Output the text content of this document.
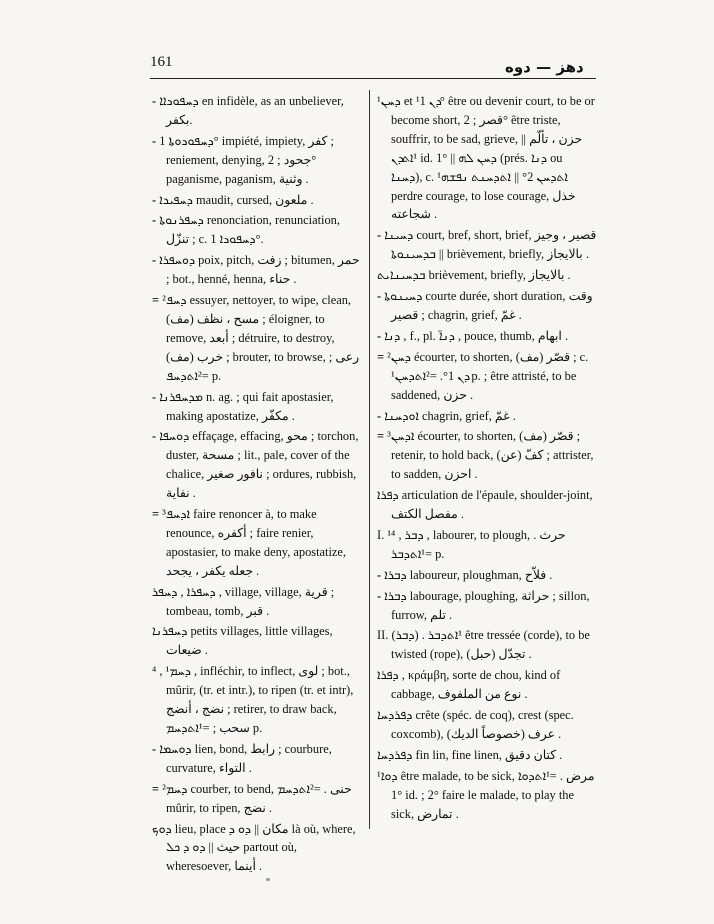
161	دهز — دوه
- ܕܚܦܘܖܐܐ en infidèle, as an unbeliever, بكفر.
- ܕܚܦܘܖܘܬܐ 1° impiété, impiety, كفر ; reniement, denying, جحود ; 2° paganisme, paganism, وثنية .
- ܕܚܦܝܖܐ maudit, cursed, ملعون .
- ܕܚܦܪܢܘܬܐ renonciation, renunciation, تنزّل ; c. ܕܚܦܘܖܐ 1°.
- ܕܘܚܦܪܐ poix, pitch, زفت ; bitumen, حمر ; bot., henné, henna, حناء .
= ܕܚܦ² essuyer, nettoyer, to wipe, clean, مسح ، نظف (مف) ; éloigner, to remove, أبعد ; détruire, to destroy, خرب (مف) ; brouter, to browse, رعى ; =²ܐܬܕܚܦ p.
- ܡܕܚܦܪܢܐ n. ag. ; qui fait apostasier, making apostatize, مكفّر .
- ܕܘܚܦܐ effaçage, effacing, محو ; torchon, duster, مسحة ; lit., pale, cover of the chalice, نافور صغير ; ordures, rubbish, نفاية .
= ܐܕܚܦ³ faire renoncer à, to make renounce, أكفره ; faire renier, apostasier, to make deny, apostatize, جعله يكفر ، يجحد .
ܕܚܦܪܐ , ܕܚܦܪ , village, village, قرية ; tombeau, tomb, قبر .
ܕܚܦܪܢܐ petits villages, little villages, ضيعات .
ܕܚܡ¹ , ⁴ , infléchir, to inflect, لوى ; bot., mûrir, (tr. et intr.), to ripen (tr. et intr), نضج ، أنضج ; retirer, to draw back, سحب ; =¹ܐܬܕܚܡ p.
- ܕܘܚܡܐ lien, bond, رابط ; courbure, curvature, التواء .
= ܕܚܡ² courber, to bend, حنى . =²ܐܬܕܚܡ mûrir, to ripen, نضج .
ܕܘܟ lieu, place مكان || ܕܘ ܕ là où, where, حيث || ܕܘ ܕ ܟܠ partout où, wheresoever, أينما .
¹ܕܚܢ et ¹ܕܢ 1° être ou devenir court, to be or become short, قصر ; 2° être triste, souffrir, to be sad, grieve, حزن ، تألّم || ¹ܐܬܕܢ id. 1° || ܕܚܢ ܠܗ (prés. ܕܢܐ ou ܕܚܢܐ), c. ¹ܐܬܕܚܢ 2° || ܐܬܕܚܢܬ ܢܦܫܗ perdre courage, to lose courage, خذل شجاعته .
- ܕܚܝܢܐ court, bref, short, brief, قصير ، وجيز || ܒܕܚܝܢܘܬܐ brièvement, briefly, بالايجاز .
ܒܕܚܝܢܐܝܬ brièvement, briefly, بالايجاز .
- ܕܚܝܢܘܬܐ courte durée, short duration, وقت قصير ; chagrin, grief, غمّ .
- ܕܢܐ , f., pl. ܕܢܐ̈ , pouce, thumb, ابهام .
= ²ܕܚܢ écourter, to shorten, (مف) قصّر ; c. ¹ܕܢ 1°. =²ܐܬܕܚܢ p. ; être attristé, to be saddened, حزن .
- ܐܘܕܚܢܐ chagrin, grief, غمّ .
= ³ܐܕܚܢ écourter, to shorten, (مف) قصّر ; retenir, to hold back, كفّ (عن) ; attrister, to sadden, احزن .
ܕܦܪܐ articulation de l'épaule, shoulder-joint, مفصل الكتف .
I. ¹ܕܒܪ , ⁴ , labourer, to plough, حرث . =¹ܐܬܕܒܪ p.
- ܕܒܪܐ laboureur, ploughman, فلاّح .
- ܕܒܪܐ labourage, ploughing, حراثة ; sillon, furrow, تلم .
II. (ܕܒܪ) . ¹ܐܬܕܒܪ être tressée (corde), to be twisted (rope), تجدّل (حبل) .
ܕܦܪܐ , κράμβη, sorte de chou, kind of cabbage, نوع من الملفوف .
ܕܦܪܕܚܐ crête (spéc. de coq), crest (spec. coxcomb), عرف (خصوصاً الديك) .
ܕܦܪܕܚܐ fin lin, fine linen, كتان دقيق .
¹ܕܘܐ être malade, to be sick, مرض . =¹ܐܬܕܘܐ 1° id. ; 2° faire le malade, to play the sick, تمارض .
